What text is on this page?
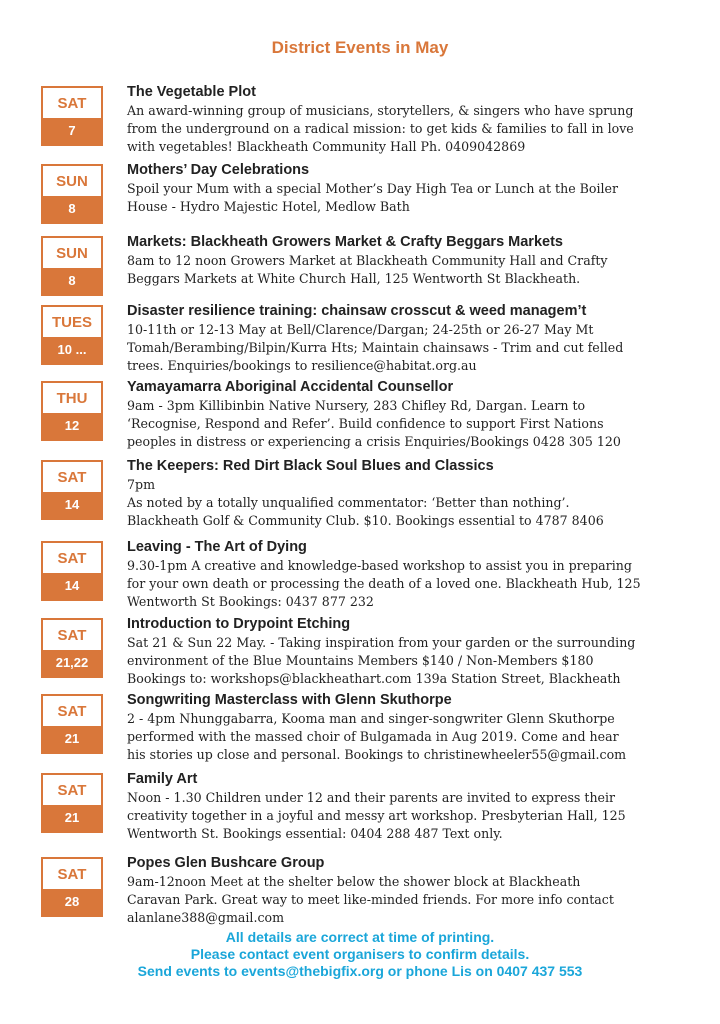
District Events in May
SAT
7
The Vegetable Plot
An award-winning group of musicians, storytellers, & singers who have sprung
from the underground on a radical mission: to get kids & families to fall in love
with vegetables! Blackheath Community Hall Ph. 0409042869
SUN
8
Mothers’ Day Celebrations
Spoil your Mum with a special Mother’s Day High Tea or Lunch at the Boiler
House - Hydro Majestic Hotel, Medlow Bath
SUN
8
Markets: Blackheath Growers Market & Crafty Beggars Markets
8am to 12 noon Growers Market at Blackheath Community Hall and Crafty
Beggars Markets at White Church Hall, 125 Wentworth St Blackheath.
TUES
10 ...
Disaster resilience training: chainsaw crosscut & weed managem’t
10-11th or 12-13 May at Bell/Clarence/Dargan; 24-25th or 26-27 May Mt
Tomah/Berambing/Bilpin/Kurra Hts; Maintain chainsaws - Trim and cut felled
trees. Enquiries/bookings to resilience@habitat.org.au
THU
12
Yamayamarra Aboriginal Accidental Counsellor
9am - 3pm Killibinbin Native Nursery, 283 Chifley Rd, Dargan. Learn to
‘Recognise, Respond and Refer’. Build confidence to support First Nations
peoples in distress or experiencing a crisis Enquiries/Bookings 0428 305 120
SAT
14
The Keepers: Red Dirt Black Soul Blues and Classics
7pm
As noted by a totally unqualified commentator: ‘Better than nothing’.
Blackheath Golf & Community Club. $10. Bookings essential to 4787 8406
SAT
14
Leaving - The Art of Dying
9.30-1pm A creative and knowledge-based workshop to assist you in preparing
for your own death or processing the death of a loved one. Blackheath Hub, 125
Wentworth St Bookings: 0437 877 232
SAT
21,22
Introduction to Drypoint Etching
Sat 21 & Sun 22 May. - Taking inspiration from your garden or the surrounding
environment of the Blue Mountains Members $140 / Non-Members $180
Bookings to: workshops@blackheathart.com 139a Station Street, Blackheath
SAT
21
Songwriting Masterclass with Glenn Skuthorpe
2 - 4pm Nhunggabarra, Kooma man and singer-songwriter Glenn Skuthorpe
performed with the massed choir of Bulgamada in Aug 2019. Come and hear
his stories up close and personal. Bookings to christinewheeler55@gmail.com
SAT
21
Family Art
Noon - 1.30 Children under 12 and their parents are invited to express their
creativity together in a joyful and messy art workshop. Presbyterian Hall, 125
Wentworth St. Bookings essential: 0404 288 487 Text only.
SAT
28
Popes Glen Bushcare Group
9am-12noon Meet at the shelter below the shower block at Blackheath
Caravan Park. Great way to meet like-minded friends. For more info contact
alanlane388@gmail.com
All details are correct at time of printing.
Please contact event organisers to confirm details.
Send events to events@thebigfix.org or phone Lis on 0407 437 553
